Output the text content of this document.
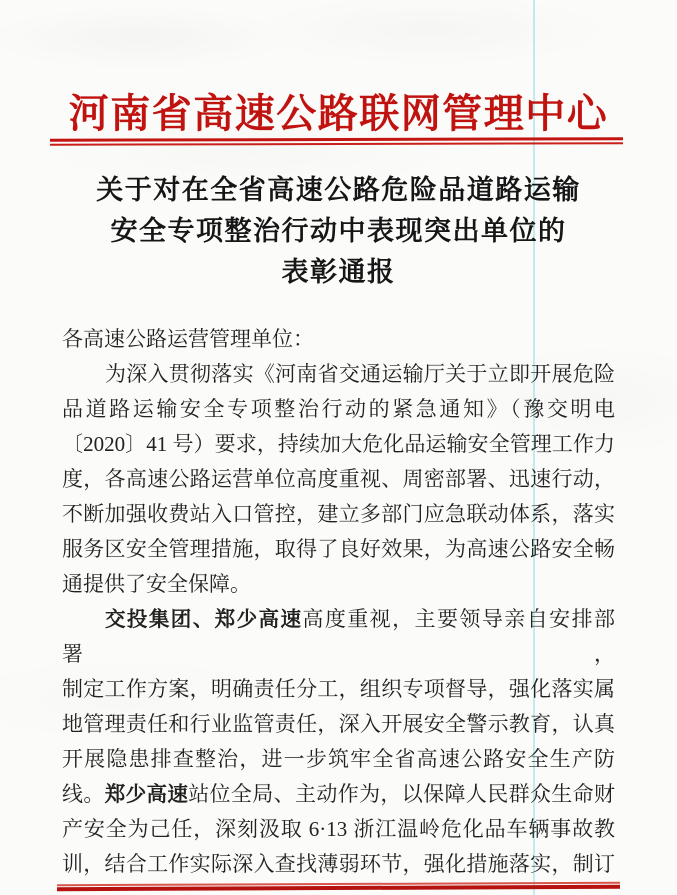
河南省高速公路联网管理中心
关于对在全省高速公路危险品道路运输
安全专项整治行动中表现突出单位的
表彰通报
各高速公路运营管理单位：
为深入贯彻落实《河南省交通运输厅关于立即开展危险
品道路运输安全专项整治行动的紧急通知》（豫交明电
〔2020〕41 号）要求，持续加大危化品运输安全管理工作力
度，各高速公路运营单位高度重视、周密部署、迅速行动，
不断加强收费站入口管控，建立多部门应急联动体系，落实
服务区安全管理措施，取得了良好效果，为高速公路安全畅
通提供了安全保障。
交投集团、郑少高速高度重视，主要领导亲自安排部署，
制定工作方案，明确责任分工，组织专项督导，强化落实属
地管理责任和行业监管责任，深入开展安全警示教育，认真
开展隐患排查整治，进一步筑牢全省高速公路安全生产防
线。郑少高速站位全局、主动作为，以保障人民群众生命财
产安全为己任，深刻汲取 6·13 浙江温岭危化品车辆事故教
训，结合工作实际深入查找薄弱环节，强化措施落实，制订
